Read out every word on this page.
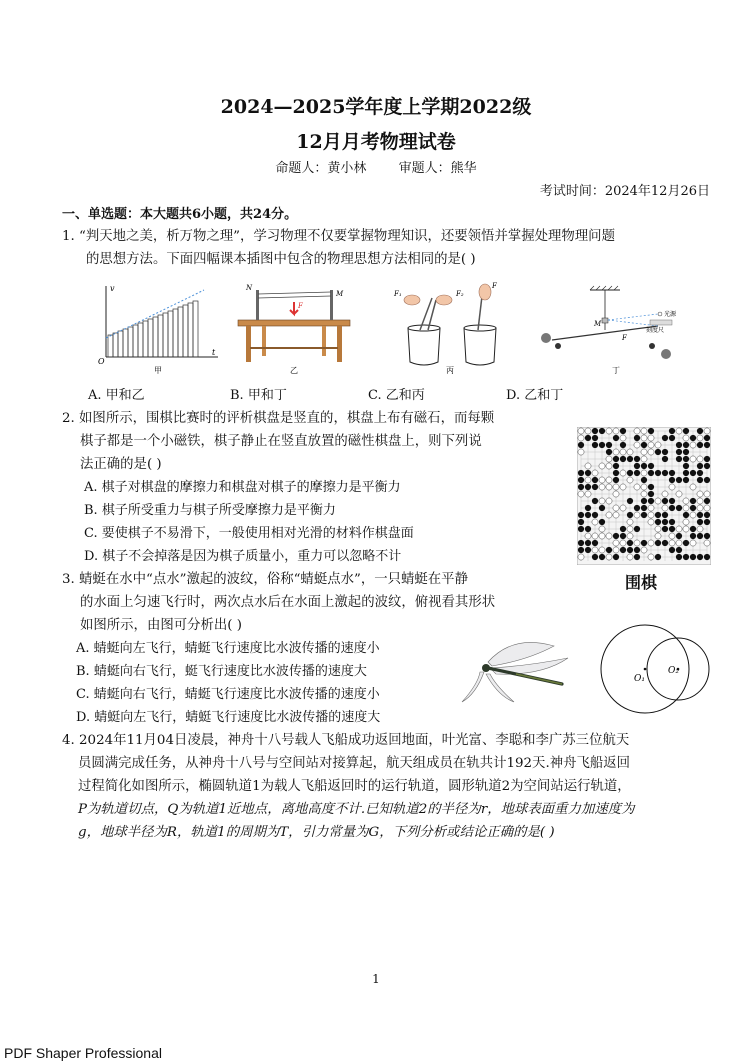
2024—2025学年度上学期2022级
12月月考物理试卷
命题人：黄小林 审题人：熊华
考试时间：2024年12月26日
一、单选题：本大题共6小题，共24分。
1. “判天地之美，析万物之理”，学习物理不仅要掌握物理知识，还要领悟并掌握处理物理问题
的思想方法。下面四幅课本插图中包含的物理思想方法相同的是( )
v
t
O
甲
N
M
F
乙
F₁	F₂
F
丙
M
光源
刻度尺
F
丁
A. 甲和乙	B. 甲和丁	C. 乙和丙	D. 乙和丁
2. 如图所示，围棋比赛时的评析棋盘是竖直的，棋盘上布有磁石，而每颗
棋子都是一个小磁铁，棋子静止在竖直放置的磁性棋盘上，则下列说
法正确的是( )
A. 棋子对棋盘的摩擦力和棋盘对棋子的摩擦力是平衡力
B. 棋子所受重力与棋子所受摩擦力是平衡力
C. 要使棋子不易滑下，一般使用相对光滑的材料作棋盘面
D. 棋子不会掉落是因为棋子质量小，重力可以忽略不计
围棋
3. 蜻蜓在水中“点水”激起的波纹，俗称“蜻蜓点水”，一只蜻蜓在平静
的水面上匀速飞行时，两次点水后在水面上激起的波纹，俯视看其形状
如图所示，由图可分析出( )
A. 蜻蜓向左飞行，蜻蜓飞行速度比水波传播的速度小
B. 蜻蜓向右飞行，蜓飞行速度比水波传播的速度大
C. 蜻蜓向右飞行，蜻蜓飞行速度比水波传播的速度小
D. 蜻蜓向左飞行，蜻蜓飞行速度比水波传播的速度大
O₁
O₂
4. 2024年11月04日凌晨，神舟十八号载人飞船成功返回地面，叶光富、李聪和李广苏三位航天
员圆满完成任务，从神舟十八号与空间站对接算起，航天组成员在轨共计192天.神舟飞船返回
过程简化如图所示，椭圆轨道1为载人飞船返回时的运行轨道，圆形轨道2为空间站运行轨道，
P为轨道切点，Q为轨道1近地点，离地高度不计.已知轨道2的半径为r，地球表面重力加速度为
g，地球半径为R，轨道1的周期为T，引力常量为G，下列分析或结论正确的是( )
1
PDF Shaper Professional
